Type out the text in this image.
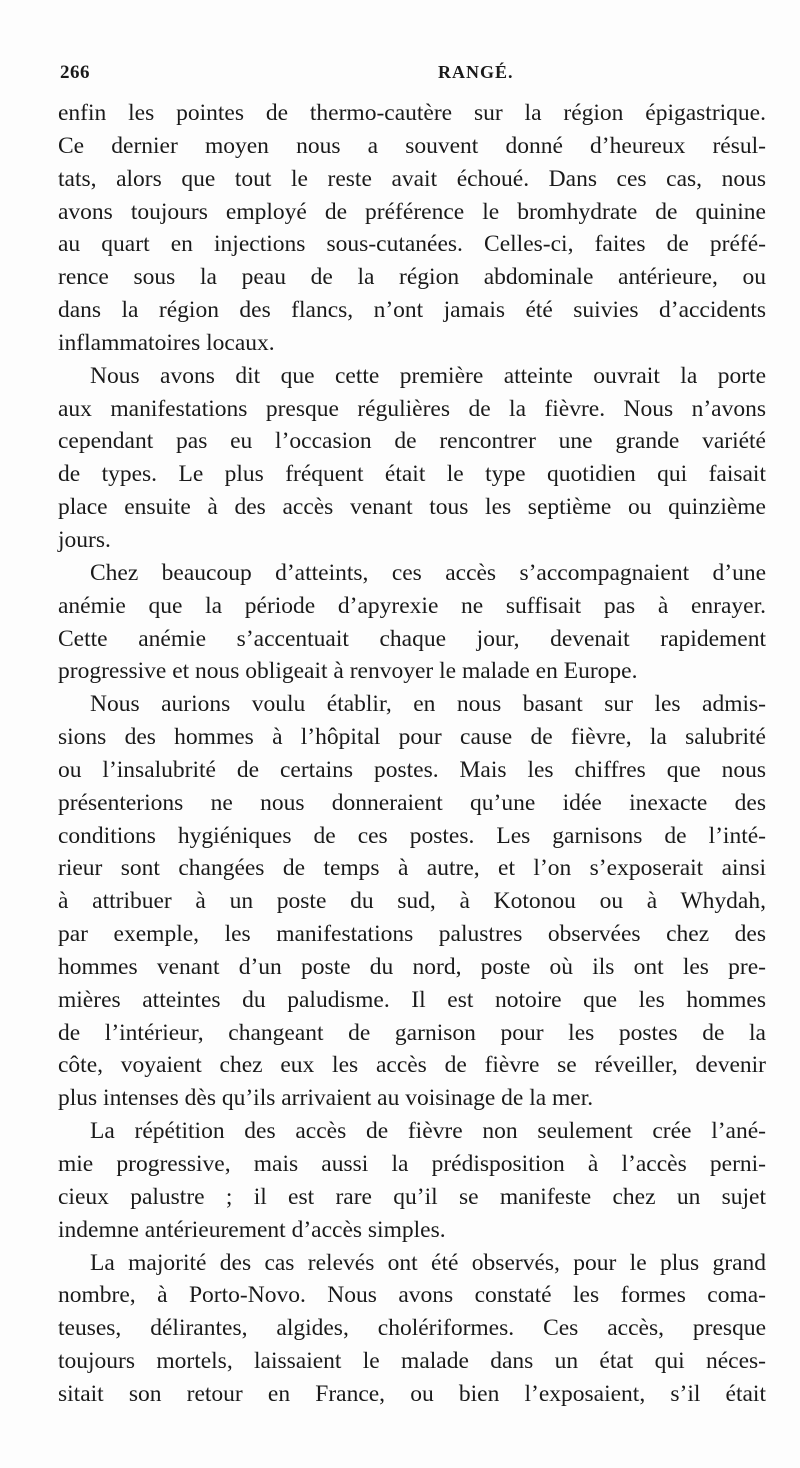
266	RANGÉ.
enfin les pointes de thermo-cautère sur la région épigastrique.
Ce dernier moyen nous a souvent donné d’heureux résul-
tats, alors que tout le reste avait échoué. Dans ces cas, nous
avons toujours employé de préférence le bromhydrate de quinine
au quart en injections sous-cutanées. Celles-ci, faites de préfé-
rence sous la peau de la région abdominale antérieure, ou
dans la région des flancs, n’ont jamais été suivies d’accidents
inflammatoires locaux.
Nous avons dit que cette première atteinte ouvrait la porte
aux manifestations presque régulières de la fièvre. Nous n’avons
cependant pas eu l’occasion de rencontrer une grande variété
de types. Le plus fréquent était le type quotidien qui faisait
place ensuite à des accès venant tous les septième ou quinzième
jours.
Chez beaucoup d’atteints, ces accès s’accompagnaient d’une
anémie que la période d’apyrexie ne suffisait pas à enrayer.
Cette anémie s’accentuait chaque jour, devenait rapidement
progressive et nous obligeait à renvoyer le malade en Europe.
Nous aurions voulu établir, en nous basant sur les admis-
sions des hommes à l’hôpital pour cause de fièvre, la salubrité
ou l’insalubrité de certains postes. Mais les chiffres que nous
présenterions ne nous donneraient qu’une idée inexacte des
conditions hygiéniques de ces postes. Les garnisons de l’inté-
rieur sont changées de temps à autre, et l’on s’exposerait ainsi
à attribuer à un poste du sud, à Kotonou ou à Whydah,
par exemple, les manifestations palustres observées chez des
hommes venant d’un poste du nord, poste où ils ont les pre-
mières atteintes du paludisme. Il est notoire que les hommes
de l’intérieur, changeant de garnison pour les postes de la
côte, voyaient chez eux les accès de fièvre se réveiller, devenir
plus intenses dès qu’ils arrivaient au voisinage de la mer.
La répétition des accès de fièvre non seulement crée l’ané-
mie progressive, mais aussi la prédisposition à l’accès perni-
cieux palustre ; il est rare qu’il se manifeste chez un sujet
indemne antérieurement d’accès simples.
La majorité des cas relevés ont été observés, pour le plus grand
nombre, à Porto-Novo. Nous avons constaté les formes coma-
teuses, délirantes, algides, cholériformes. Ces accès, presque
toujours mortels, laissaient le malade dans un état qui néces-
sitait son retour en France, ou bien l’exposaient, s’il était
